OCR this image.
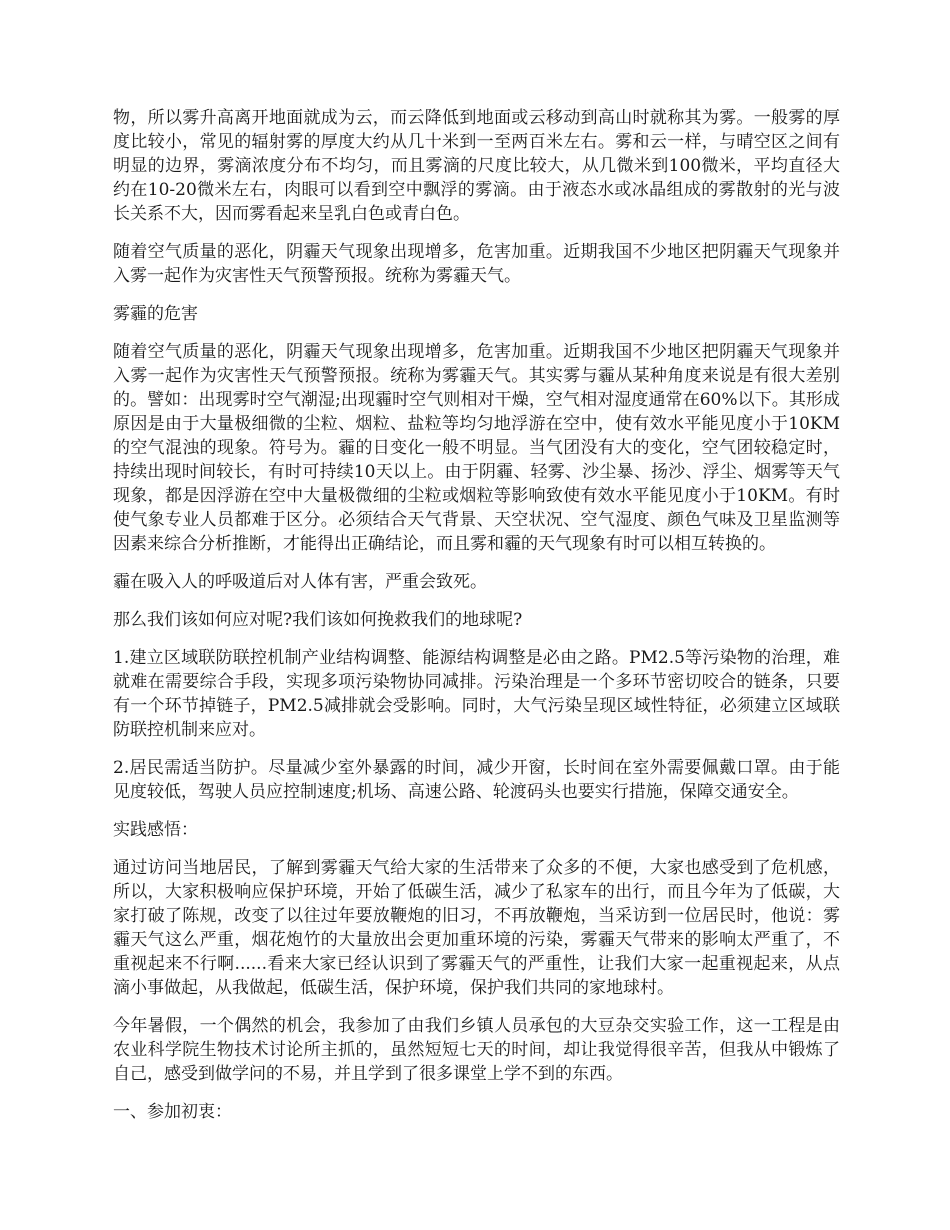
物，所以雾升高离开地面就成为云，而云降低到地面或云移动到高山时就称其为雾。一般雾的厚度比较小，常见的辐射雾的厚度大约从几十米到一至两百米左右。雾和云一样，与晴空区之间有明显的边界，雾滴浓度分布不均匀，而且雾滴的尺度比较大，从几微米到100微米，平均直径大约在10-20微米左右，肉眼可以看到空中飘浮的雾滴。由于液态水或冰晶组成的雾散射的光与波长关系不大，因而雾看起来呈乳白色或青白色。

随着空气质量的恶化，阴霾天气现象出现增多，危害加重。近期我国不少地区把阴霾天气现象并入雾一起作为灾害性天气预警预报。统称为雾霾天气。

雾霾的危害

随着空气质量的恶化，阴霾天气现象出现增多，危害加重。近期我国不少地区把阴霾天气现象并入雾一起作为灾害性天气预警预报。统称为雾霾天气。其实雾与霾从某种角度来说是有很大差别的。譬如：出现雾时空气潮湿;出现霾时空气则相对干燥，空气相对湿度通常在60%以下。其形成原因是由于大量极细微的尘粒、烟粒、盐粒等均匀地浮游在空中，使有效水平能见度小于10KM的空气混浊的现象。符号为。霾的日变化一般不明显。当气团没有大的变化，空气团较稳定时，持续出现时间较长，有时可持续10天以上。由于阴霾、轻雾、沙尘暴、扬沙、浮尘、烟雾等天气现象，都是因浮游在空中大量极微细的尘粒或烟粒等影响致使有效水平能见度小于10KM。有时使气象专业人员都难于区分。必须结合天气背景、天空状况、空气湿度、颜色气味及卫星监测等因素来综合分析推断，才能得出正确结论，而且雾和霾的天气现象有时可以相互转换的。

霾在吸入人的呼吸道后对人体有害，严重会致死。

那么我们该如何应对呢?我们该如何挽救我们的地球呢?

1.建立区域联防联控机制产业结构调整、能源结构调整是必由之路。PM2.5等污染物的治理，难就难在需要综合手段，实现多项污染物协同减排。污染治理是一个多环节密切咬合的链条，只要有一个环节掉链子，PM2.5减排就会受影响。同时，大气污染呈现区域性特征，必须建立区域联防联控机制来应对。

2.居民需适当防护。尽量减少室外暴露的时间，减少开窗，长时间在室外需要佩戴口罩。由于能见度较低，驾驶人员应控制速度;机场、高速公路、轮渡码头也要实行措施，保障交通安全。

实践感悟：

通过访问当地居民，了解到雾霾天气给大家的生活带来了众多的不便，大家也感受到了危机感，所以，大家积极响应保护环境，开始了低碳生活，减少了私家车的出行，而且今年为了低碳，大家打破了陈规，改变了以往过年要放鞭炮的旧习，不再放鞭炮，当采访到一位居民时，他说：雾霾天气这么严重，烟花炮竹的大量放出会更加重环境的污染，雾霾天气带来的影响太严重了，不重视起来不行啊......看来大家已经认识到了雾霾天气的严重性，让我们大家一起重视起来，从点滴小事做起，从我做起，低碳生活，保护环境，保护我们共同的家地球村。

今年暑假，一个偶然的机会，我参加了由我们乡镇人员承包的大豆杂交实验工作，这一工程是由农业科学院生物技术讨论所主抓的，虽然短短七天的时间，却让我觉得很辛苦，但我从中锻炼了自己，感受到做学问的不易，并且学到了很多课堂上学不到的东西。

一、参加初衷：
